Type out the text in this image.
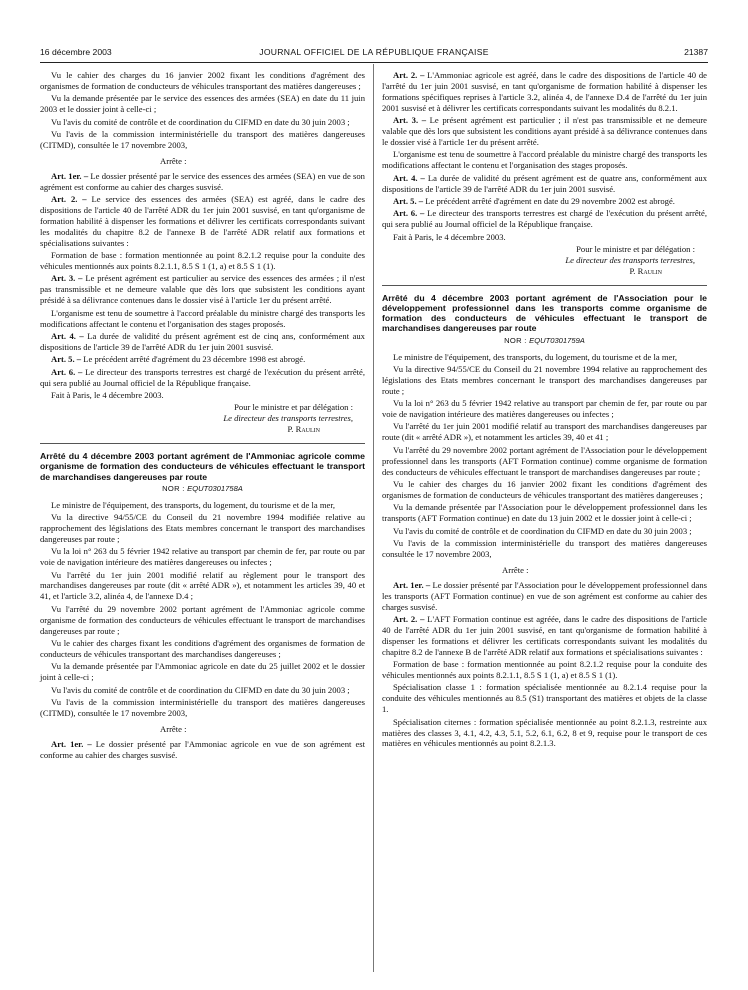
16 décembre 2003	JOURNAL OFFICIEL DE LA RÉPUBLIQUE FRANÇAISE	21387

Vu le cahier des charges du 16 janvier 2002 fixant les conditions d'agrément des organismes de formation de conducteurs de véhicules transportant des matières dangereuses ;

Vu la demande présentée par le service des essences des armées (SEA) en date du 11 juin 2003 et le dossier joint à celle-ci ;

Vu l'avis du comité de contrôle et de coordination du CIFMD en date du 30 juin 2003 ;

Vu l'avis de la commission interministérielle du transport des matières dangereuses (CITMD), consultée le 17 novembre 2003,

Arrête :

Art. 1er. – Le dossier présenté par le service des essences des armées (SEA) en vue de son agrément est conforme au cahier des charges susvisé.

Art. 2. – Le service des essences des armées (SEA) est agréé, dans le cadre des dispositions de l'article 40 de l'arrêté ADR du 1er juin 2001 susvisé, en tant qu'organisme de formation habilité à dispenser les formations et délivrer les certificats correspondants suivant les modalités du chapitre 8.2 de l'annexe B de l'arrêté ADR relatif aux formations et spécialisations suivantes :

Formation de base : formation mentionnée au point 8.2.1.2 requise pour la conduite des véhicules mentionnés aux points 8.2.1.1, 8.5 S 1 (1, a) et 8.5 S 1 (1).

Art. 3. – Le présent agrément est particulier au service des essences des armées ; il n'est pas transmissible et ne demeure valable que dès lors que subsistent les conditions ayant présidé à sa délivrance contenues dans le dossier visé à l'article 1er du présent arrêté.

L'organisme est tenu de soumettre à l'accord préalable du ministre chargé des transports les modifications affectant le contenu et l'organisation des stages proposés.

Art. 4. – La durée de validité du présent agrément est de cinq ans, conformément aux dispositions de l'article 39 de l'arrêté ADR du 1er juin 2001 susvisé.

Art. 5. – Le précédent arrêté d'agrément du 23 décembre 1998 est abrogé.

Art. 6. – Le directeur des transports terrestres est chargé de l'exécution du présent arrêté, qui sera publié au Journal officiel de la République française.

Fait à Paris, le 4 décembre 2003.

Pour le ministre et par délégation :

Le directeur des transports terrestres,

P. Raulin

Arrêté du 4 décembre 2003 portant agrément de l'Ammoniac agricole comme organisme de formation des conducteurs de véhicules effectuant le transport de marchandises dangereuses par route

NOR : EQUT0301758A

Le ministre de l'équipement, des transports, du logement, du tourisme et de la mer,

Vu la directive 94/55/CE du Conseil du 21 novembre 1994 modifiée relative au rapprochement des législations des Etats membres concernant le transport des marchandises dangereuses par route ;

Vu la loi n° 263 du 5 février 1942 relative au transport par chemin de fer, par route ou par voie de navigation intérieure des matières dangereuses ou infectes ;

Vu l'arrêté du 1er juin 2001 modifié relatif au règlement pour le transport des marchandises dangereuses par route (dit « arrêté ADR »), et notamment les articles 39, 40 et 41, et l'article 3.2, alinéa 4, de l'annexe D.4 ;

Vu l'arrêté du 29 novembre 2002 portant agrément de l'Ammoniac agricole comme organisme de formation des conducteurs de véhicules effectuant le transport de marchandises dangereuses par route ;

Vu le cahier des charges fixant les conditions d'agrément des organismes de formation de conducteurs de véhicules transportant des marchandises dangereuses ;

Vu la demande présentée par l'Ammoniac agricole en date du 25 juillet 2002 et le dossier joint à celle-ci ;

Vu l'avis du comité de contrôle et de coordination du CIFMD en date du 30 juin 2003 ;

Vu l'avis de la commission interministérielle du transport des matières dangereuses (CITMD), consultée le 17 novembre 2003,

Arrête :

Art. 1er. – Le dossier présenté par l'Ammoniac agricole en vue de son agrément est conforme au cahier des charges susvisé.

Art. 2. – L'Ammoniac agricole est agréé, dans le cadre des dispositions de l'article 40 de l'arrêté du 1er juin 2001 susvisé, en tant qu'organisme de formation habilité à dispenser les formations spécifiques reprises à l'article 3.2, alinéa 4, de l'annexe D.4 de l'arrêté du 1er juin 2001 susvisé et à délivrer les certificats correspondants suivant les modalités du 8.2.1.

Art. 3. – Le présent agrément est particulier ; il n'est pas transmissible et ne demeure valable que dès lors que subsistent les conditions ayant présidé à sa délivrance contenues dans le dossier visé à l'article 1er du présent arrêté.

L'organisme est tenu de soumettre à l'accord préalable du ministre chargé des transports les modifications affectant le contenu et l'organisation des stages proposés.

Art. 4. – La durée de validité du présent agrément est de quatre ans, conformément aux dispositions de l'article 39 de l'arrêté ADR du 1er juin 2001 susvisé.

Art. 5. – Le précédent arrêté d'agrément en date du 29 novembre 2002 est abrogé.

Art. 6. – Le directeur des transports terrestres est chargé de l'exécution du présent arrêté, qui sera publié au Journal officiel de la République française.

Fait à Paris, le 4 décembre 2003.

Pour le ministre et par délégation :

Le directeur des transports terrestres,

P. Raulin

Arrêté du 4 décembre 2003 portant agrément de l'Association pour le développement professionnel dans les transports comme organisme de formation des conducteurs de véhicules effectuant le transport de marchandises dangereuses par route

NOR : EQUT0301759A

Le ministre de l'équipement, des transports, du logement, du tourisme et de la mer,

Vu la directive 94/55/CE du Conseil du 21 novembre 1994 relative au rapprochement des législations des Etats membres concernant le transport des marchandises dangereuses par route ;

Vu la loi n° 263 du 5 février 1942 relative au transport par chemin de fer, par route ou par voie de navigation intérieure des matières dangereuses ou infectes ;

Vu l'arrêté du 1er juin 2001 modifié relatif au transport des marchandises dangereuses par route (dit « arrêté ADR »), et notamment les articles 39, 40 et 41 ;

Vu l'arrêté du 29 novembre 2002 portant agrément de l'Association pour le développement professionnel dans les transports (AFT Formation continue) comme organisme de formation des conducteurs de véhicules effectuant le transport de marchandises dangereuses par route ;

Vu le cahier des charges du 16 janvier 2002 fixant les conditions d'agrément des organismes de formation de conducteurs de véhicules transportant des matières dangereuses ;

Vu la demande présentée par l'Association pour le développement professionnel dans les transports (AFT Formation continue) en date du 13 juin 2002 et le dossier joint à celle-ci ;

Vu l'avis du comité de contrôle et de coordination du CIFMD en date du 30 juin 2003 ;

Vu l'avis de la commission interministérielle du transport des matières dangereuses consultée le 17 novembre 2003,

Arrête :

Art. 1er. – Le dossier présenté par l'Association pour le développement professionnel dans les transports (AFT Formation continue) en vue de son agrément est conforme au cahier des charges susvisé.

Art. 2. – L'AFT Formation continue est agréée, dans le cadre des dispositions de l'article 40 de l'arrêté ADR du 1er juin 2001 susvisé, en tant qu'organisme de formation habilité à dispenser les formations et délivrer les certificats correspondants suivant les modalités du chapitre 8.2 de l'annexe B de l'arrêté ADR relatif aux formations et spécialisations suivantes :

Formation de base : formation mentionnée au point 8.2.1.2 requise pour la conduite des véhicules mentionnés aux points 8.2.1.1, 8.5 S 1 (1, a) et 8.5 S 1 (1).

Spécialisation classe 1 : formation spécialisée mentionnée au 8.2.1.4 requise pour la conduite des véhicules mentionnés au 8.5 (S1) transportant des matières et objets de la classe 1.

Spécialisation citernes : formation spécialisée mentionnée au point 8.2.1.3, restreinte aux matières des classes 3, 4.1, 4.2, 4.3, 5.1, 5.2, 6.1, 6.2, 8 et 9, requise pour le transport de ces matières en véhicules mentionnés au point 8.2.1.3.
